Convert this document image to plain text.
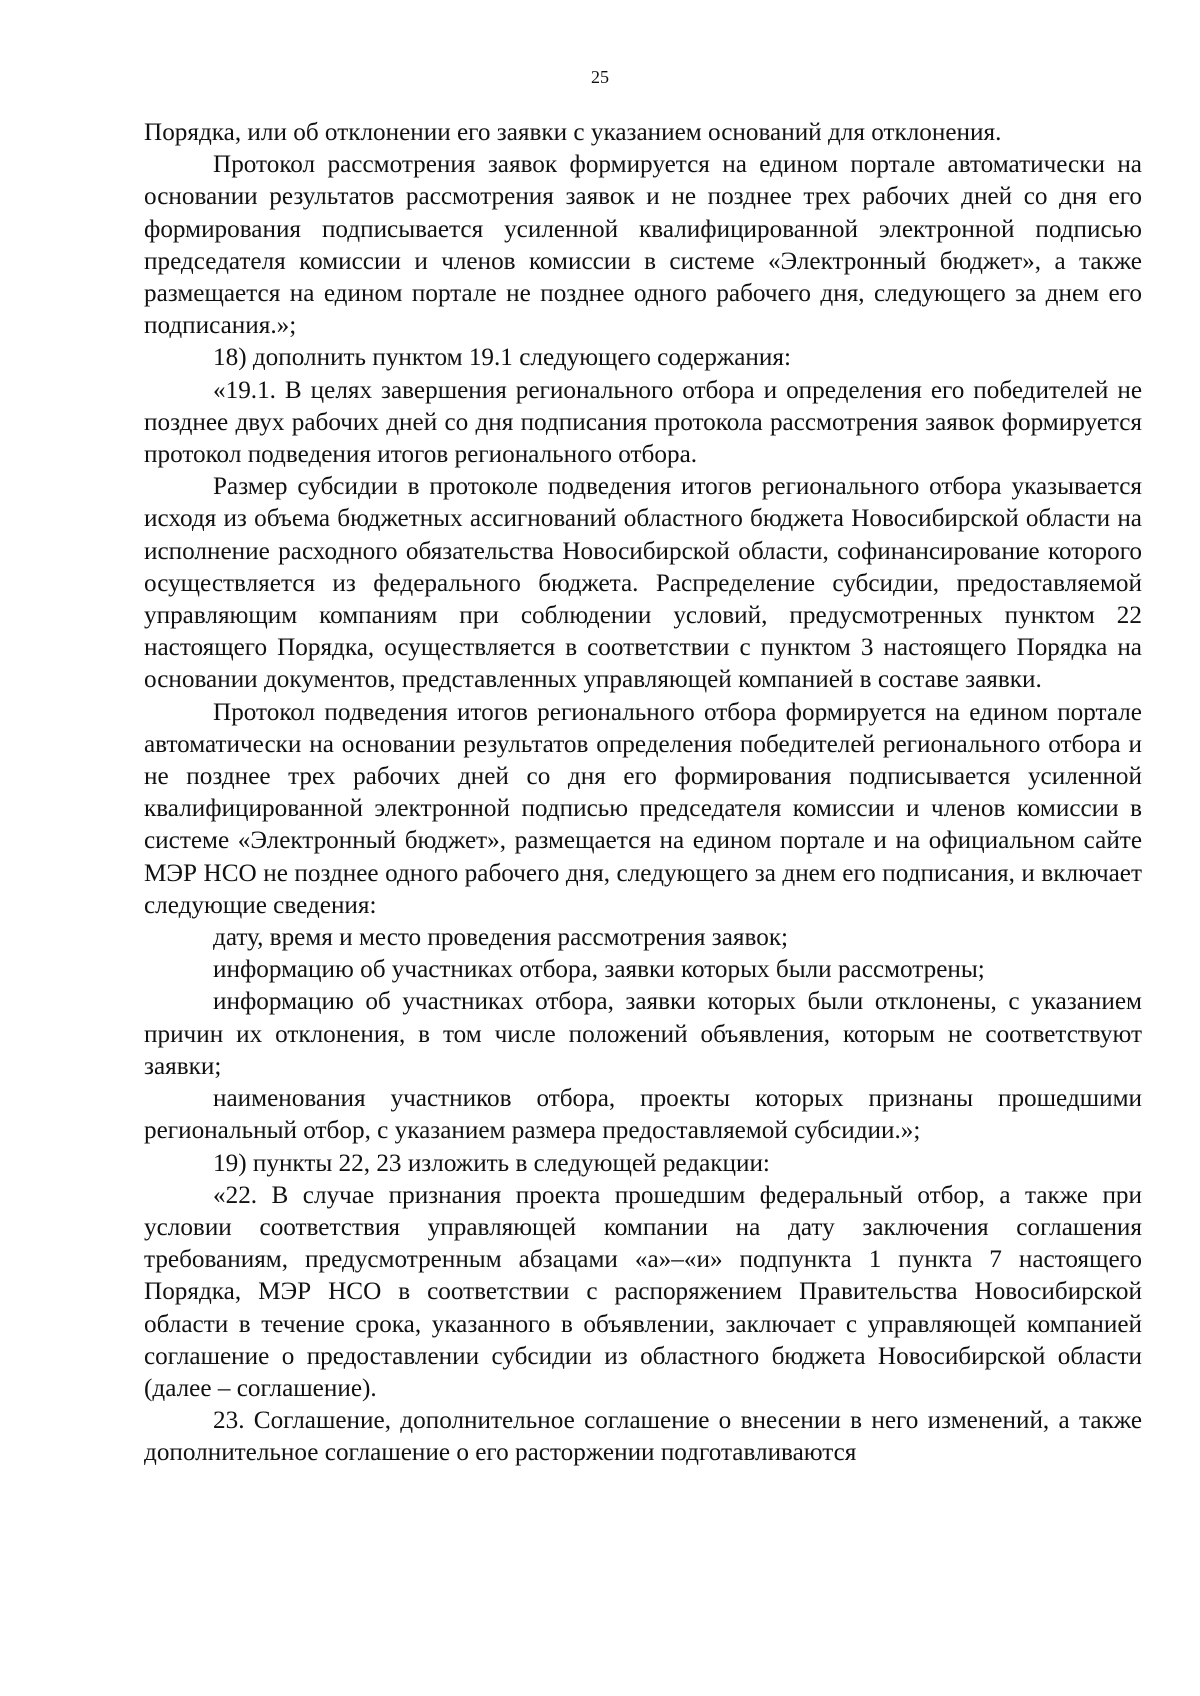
25

Порядка, или об отклонении его заявки с указанием оснований для отклонения.

Протокол рассмотрения заявок формируется на едином портале автоматически на основании результатов рассмотрения заявок и не позднее трех рабочих дней со дня его формирования подписывается усиленной квалифицированной электронной подписью председателя комиссии и членов комиссии в системе «Электронный бюджет», а также размещается на едином портале не позднее одного рабочего дня, следующего за днем его подписания.»;

18) дополнить пунктом 19.1 следующего содержания:

«19.1. В целях завершения регионального отбора и определения его победителей не позднее двух рабочих дней со дня подписания протокола рассмотрения заявок формируется протокол подведения итогов регионального отбора.

Размер субсидии в протоколе подведения итогов регионального отбора указывается исходя из объема бюджетных ассигнований областного бюджета Новосибирской области на исполнение расходного обязательства Новосибирской области, софинансирование которого осуществляется из федерального бюджета. Распределение субсидии, предоставляемой управляющим компаниям при соблюдении условий, предусмотренных пунктом 22 настоящего Порядка, осуществляется в соответствии с пунктом 3 настоящего Порядка на основании документов, представленных управляющей компанией в составе заявки.

Протокол подведения итогов регионального отбора формируется на едином портале автоматически на основании результатов определения победителей регионального отбора и не позднее трех рабочих дней со дня его формирования подписывается усиленной квалифицированной электронной подписью председателя комиссии и членов комиссии в системе «Электронный бюджет», размещается на едином портале и на официальном сайте МЭР НСО не позднее одного рабочего дня, следующего за днем его подписания, и включает следующие сведения:

дату, время и место проведения рассмотрения заявок;

информацию об участниках отбора, заявки которых были рассмотрены;

информацию об участниках отбора, заявки которых были отклонены, с указанием причин их отклонения, в том числе положений объявления, которым не соответствуют заявки;

наименования участников отбора, проекты которых признаны прошедшими региональный отбор, с указанием размера предоставляемой субсидии.»;

19) пункты 22, 23 изложить в следующей редакции:

«22. В случае признания проекта прошедшим федеральный отбор, а также при условии соответствия управляющей компании на дату заключения соглашения требованиям, предусмотренным абзацами «а»–«и» подпункта 1 пункта 7 настоящего Порядка, МЭР НСО в соответствии с распоряжением Правительства Новосибирской области в течение срока, указанного в объявлении, заключает с управляющей компанией соглашение о предоставлении субсидии из областного бюджета Новосибирской области (далее – соглашение).

23. Соглашение, дополнительное соглашение о внесении в него изменений, а также дополнительное соглашение о его расторжении подготавливаются
